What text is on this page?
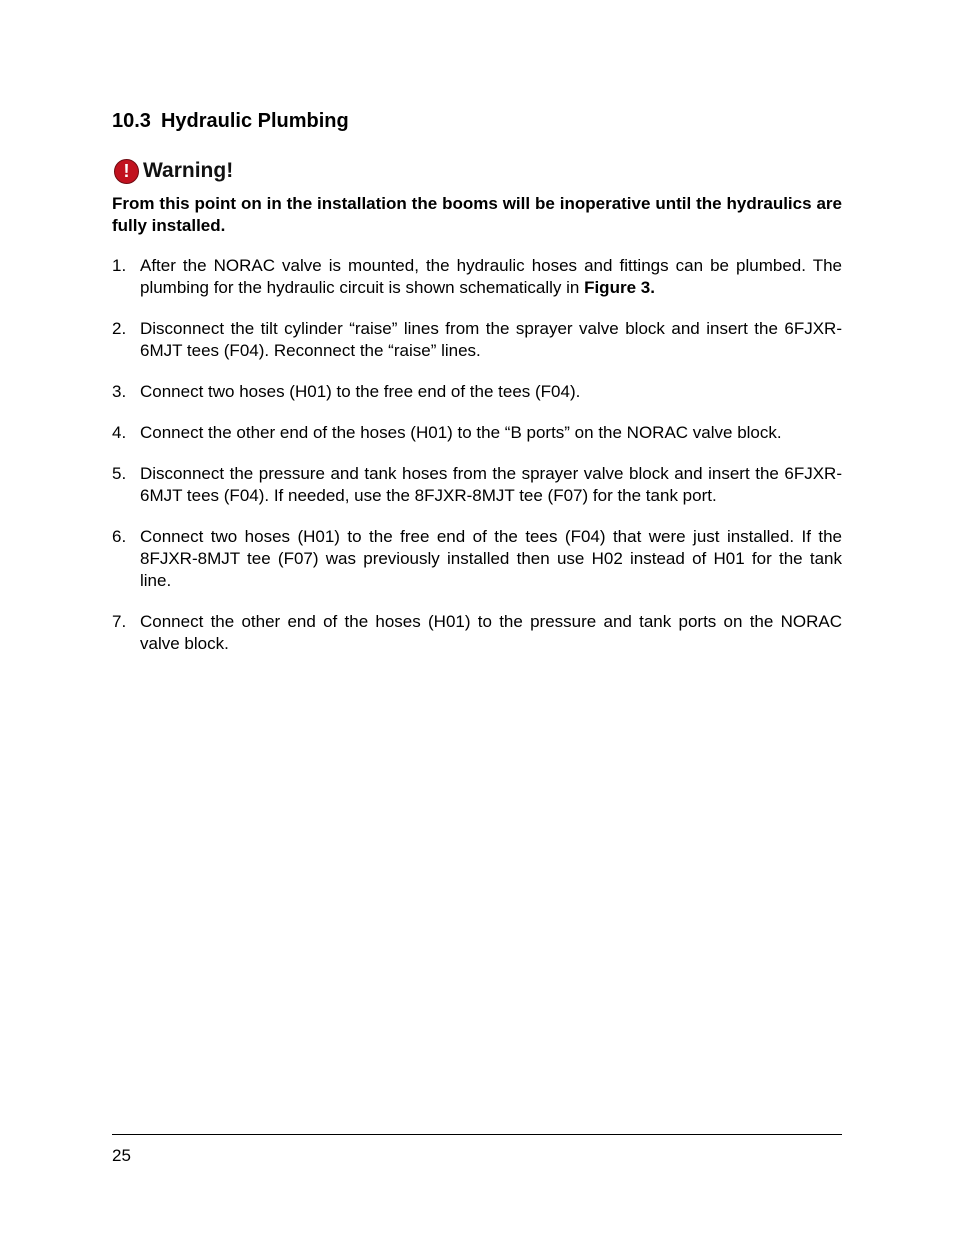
10.3 Hydraulic Plumbing
! Warning!

From this point on in the installation the booms will be inoperative until the hydraulics are fully installed.

1. After the NORAC valve is mounted, the hydraulic hoses and fittings can be plumbed. The plumbing for the hydraulic circuit is shown schematically in Figure 3.
2. Disconnect the tilt cylinder “raise” lines from the sprayer valve block and insert the 6FJXR-6MJT tees (F04). Reconnect the “raise” lines.
3. Connect two hoses (H01) to the free end of the tees (F04).
4. Connect the other end of the hoses (H01) to the “B ports” on the NORAC valve block.
5. Disconnect the pressure and tank hoses from the sprayer valve block and insert the 6FJXR-6MJT tees (F04). If needed, use the 8FJXR-8MJT tee (F07) for the tank port.
6. Connect two hoses (H01) to the free end of the tees (F04) that were just installed. If the 8FJXR-8MJT tee (F07) was previously installed then use H02 instead of H01 for the tank line.
7. Connect the other end of the hoses (H01) to the pressure and tank ports on the NORAC valve block.
25
